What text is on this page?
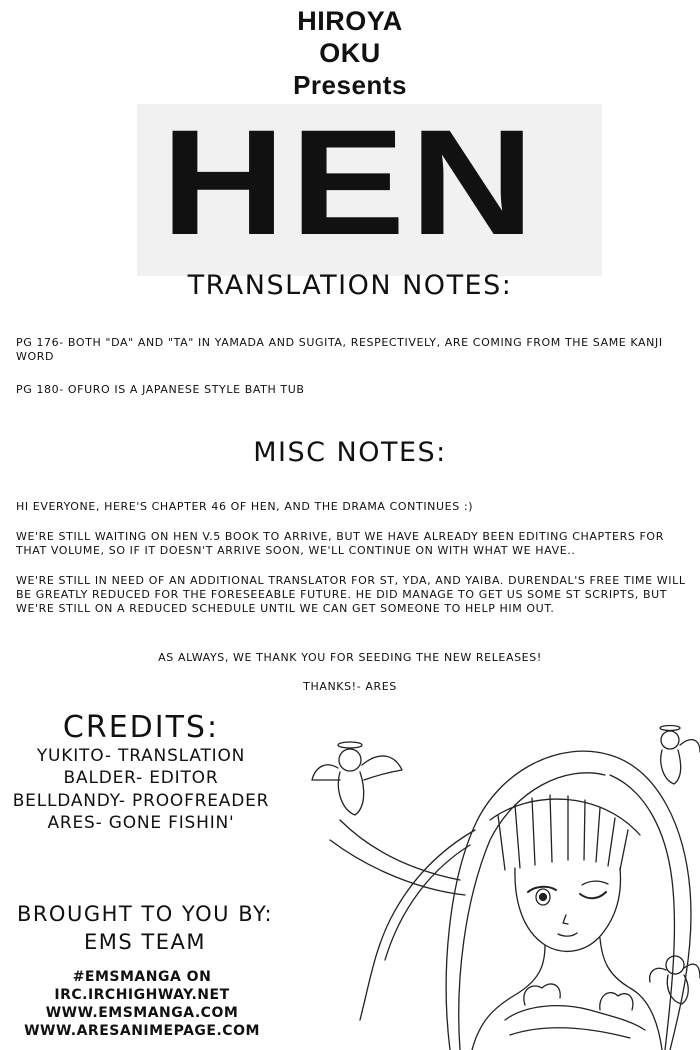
HIROYA
OKU
Presents
HEN
TRANSLATION NOTES:
PG 176- BOTH "DA" AND "TA" IN YAMADA AND SUGITA, RESPECTIVELY, ARE COMING FROM THE SAME KANJI WORD
PG 180- OFURO IS A JAPANESE STYLE BATH TUB
MISC NOTES:
HI EVERYONE, HERE'S CHAPTER 46 OF HEN, AND THE DRAMA CONTINUES :)
WE'RE STILL WAITING ON HEN V.5 BOOK TO ARRIVE, BUT WE HAVE ALREADY BEEN EDITING CHAPTERS FOR THAT VOLUME, SO IF IT DOESN'T ARRIVE SOON, WE'LL CONTINUE ON WITH WHAT WE HAVE..
WE'RE STILL IN NEED OF AN ADDITIONAL TRANSLATOR FOR ST, YDA, AND YAIBA. DURENDAL'S FREE TIME WILL BE GREATLY REDUCED FOR THE FORESEEABLE FUTURE. HE DID MANAGE TO GET US SOME ST SCRIPTS, BUT WE'RE STILL ON A REDUCED SCHEDULE UNTIL WE CAN GET SOMEONE TO HELP HIM OUT.
AS ALWAYS, WE THANK YOU FOR SEEDING THE NEW RELEASES!
THANKS!- ARES
CREDITS:
YUKITO- TRANSLATION
BALDER- EDITOR
BELLDANDY- PROOFREADER
ARES- GONE FISHIN'
BROUGHT TO YOU BY:
EMS TEAM
#EMSMANGA ON
IRC.IRCHIGHWAY.NET
WWW.EMSMANGA.COM
WWW.ARESANIMEPAGE.COM
